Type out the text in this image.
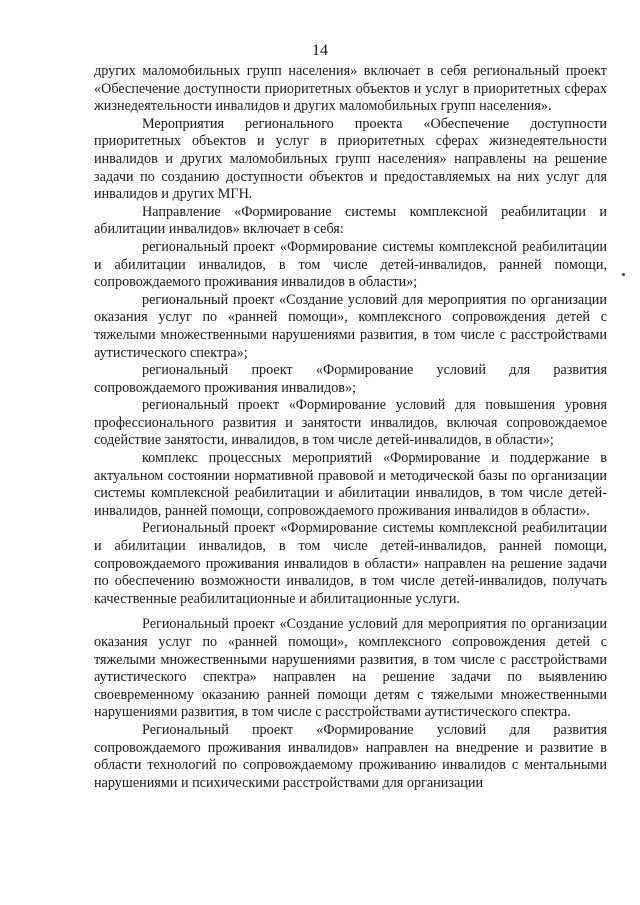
14

других маломобильных групп населения» включает в себя региональный проект «Обеспечение доступности приоритетных объектов и услуг в приоритетных сферах жизнедеятельности инвалидов и других маломобильных групп населения».

Мероприятия регионального проекта «Обеспечение доступности приоритетных объектов и услуг в приоритетных сферах жизнедеятельности инвалидов и других маломобильных групп населения» направлены на решение задачи по созданию доступности объектов и предоставляемых на них услуг для инвалидов и других МГН.

Направление «Формирование системы комплексной реабилитации и абилитации инвалидов» включает в себя:

региональный проект «Формирование системы комплексной реабилитации и абилитации инвалидов, в том числе детей-инвалидов, ранней помощи, сопровождаемого проживания инвалидов в области»;

региональный проект «Создание условий для мероприятия по организации оказания услуг по «ранней помощи», комплексного сопровождения детей с тяжелыми множественными нарушениями развития, в том числе с расстройствами аутистического спектра»;

региональный проект «Формирование условий для развития сопровождаемого проживания инвалидов»;

региональный проект «Формирование условий для повышения уровня профессионального развития и занятости инвалидов, включая сопровождаемое содействие занятости, инвалидов, в том числе детей-инвалидов, в области»;

комплекс процессных мероприятий «Формирование и поддержание в актуальном состоянии нормативной правовой и методической базы по организации системы комплексной реабилитации и абилитации инвалидов, в том числе детей-инвалидов, ранней помощи, сопровождаемого проживания инвалидов в области».

Региональный проект «Формирование системы комплексной реабилитации и абилитации инвалидов, в том числе детей-инвалидов, ранней помощи, сопровождаемого проживания инвалидов в области» направлен на решение задачи по обеспечению возможности инвалидов, в том числе детей-инвалидов, получать качественные реабилитационные и абилитационные услуги.

Региональный проект «Создание условий для мероприятия по организации оказания услуг по «ранней помощи», комплексного сопровождения детей с тяжелыми множественными нарушениями развития, в том числе с расстройствами аутистического спектра» направлен на решение задачи по выявлению своевременному оказанию ранней помощи детям с тяжелыми множественными нарушениями развития, в том числе с расстройствами аутистического спектра.

Региональный проект «Формирование условий для развития сопровождаемого проживания инвалидов» направлен на внедрение и развитие в области технологий по сопровождаемому проживанию инвалидов с ментальными нарушениями и психическими расстройствами для организации
